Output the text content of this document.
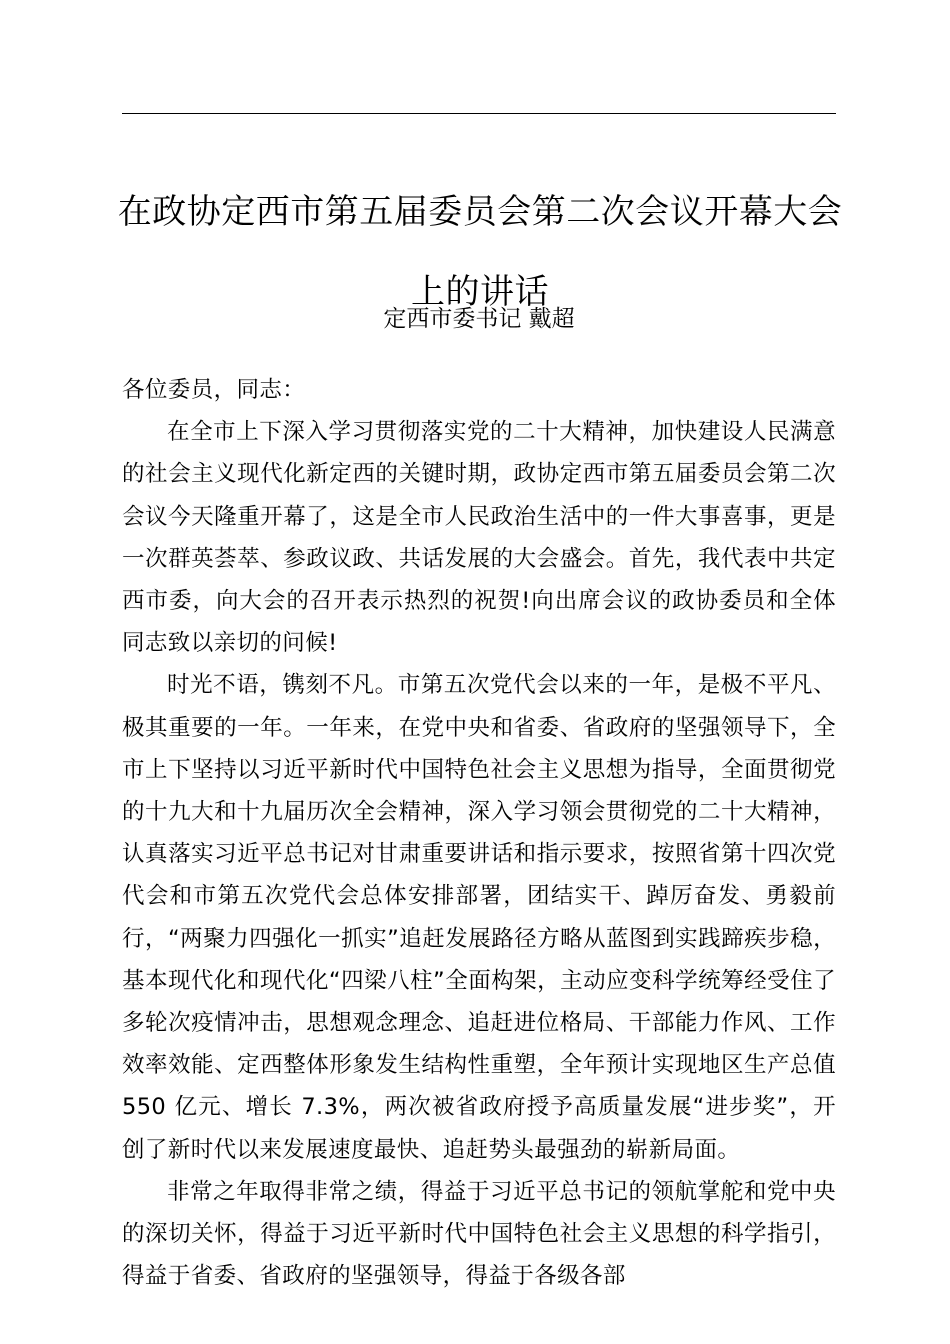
在政协定西市第五届委员会第二次会议开幕大会上的讲话
定西市委书记 戴超

各位委员，同志：

在全市上下深入学习贯彻落实党的二十大精神，加快建设人民满意的社会主义现代化新定西的关键时期，政协定西市第五届委员会第二次会议今天隆重开幕了，这是全市人民政治生活中的一件大事喜事，更是一次群英荟萃、参政议政、共话发展的大会盛会。首先，我代表中共定西市委，向大会的召开表示热烈的祝贺!向出席会议的政协委员和全体同志致以亲切的问候!

时光不语，镌刻不凡。市第五次党代会以来的一年，是极不平凡、极其重要的一年。一年来，在党中央和省委、省政府的坚强领导下，全市上下坚持以习近平新时代中国特色社会主义思想为指导，全面贯彻党的十九大和十九届历次全会精神，深入学习领会贯彻党的二十大精神，认真落实习近平总书记对甘肃重要讲话和指示要求，按照省第十四次党代会和市第五次党代会总体安排部署，团结实干、踔厉奋发、勇毅前行，“两聚力四强化一抓实”追赶发展路径方略从蓝图到实践蹄疾步稳，基本现代化和现代化“四梁八柱”全面构架，主动应变科学统筹经受住了多轮次疫情冲击，思想观念理念、追赶进位格局、干部能力作风、工作效率效能、定西整体形象发生结构性重塑，全年预计实现地区生产总值 550 亿元、增长 7.3%，两次被省政府授予高质量发展“进步奖”，开创了新时代以来发展速度最快、追赶势头最强劲的崭新局面。

非常之年取得非常之绩，得益于习近平总书记的领航掌舵和党中央的深切关怀，得益于习近平新时代中国特色社会主义思想的科学指引，得益于省委、省政府的坚强领导，得益于各级各部
